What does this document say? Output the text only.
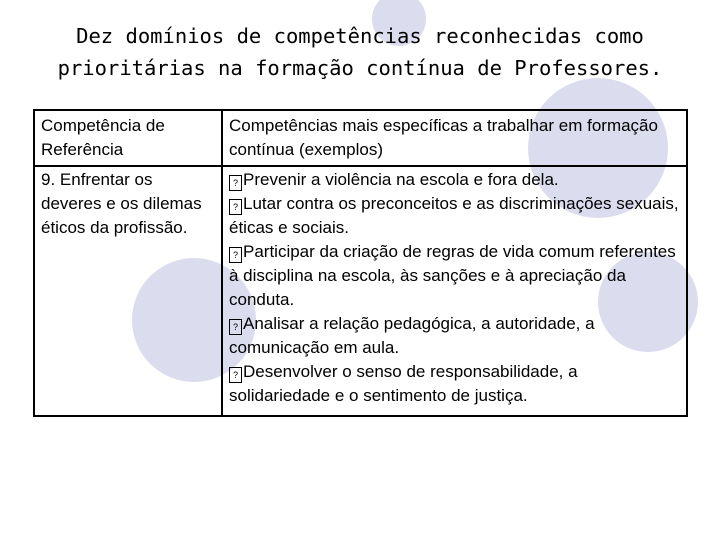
Dez domínios de competências reconhecidas como prioritárias na formação contínua de Professores.
Competência de Referência	Competências mais específicas a trabalhar em formação contínua (exemplos)
9. Enfrentar os deveres e os dilemas éticos da profissão.	? Prevenir a violência na escola e fora dela.
? Lutar contra os preconceitos e as discriminações sexuais, éticas e sociais.
? Participar da criação de regras de vida comum referentes à disciplina na escola, às sanções e à apreciação da conduta.
? Analisar a relação pedagógica, a autoridade, a comunicação em aula.
? Desenvolver o senso de responsabilidade, a solidariedade e o sentimento de justiça.
